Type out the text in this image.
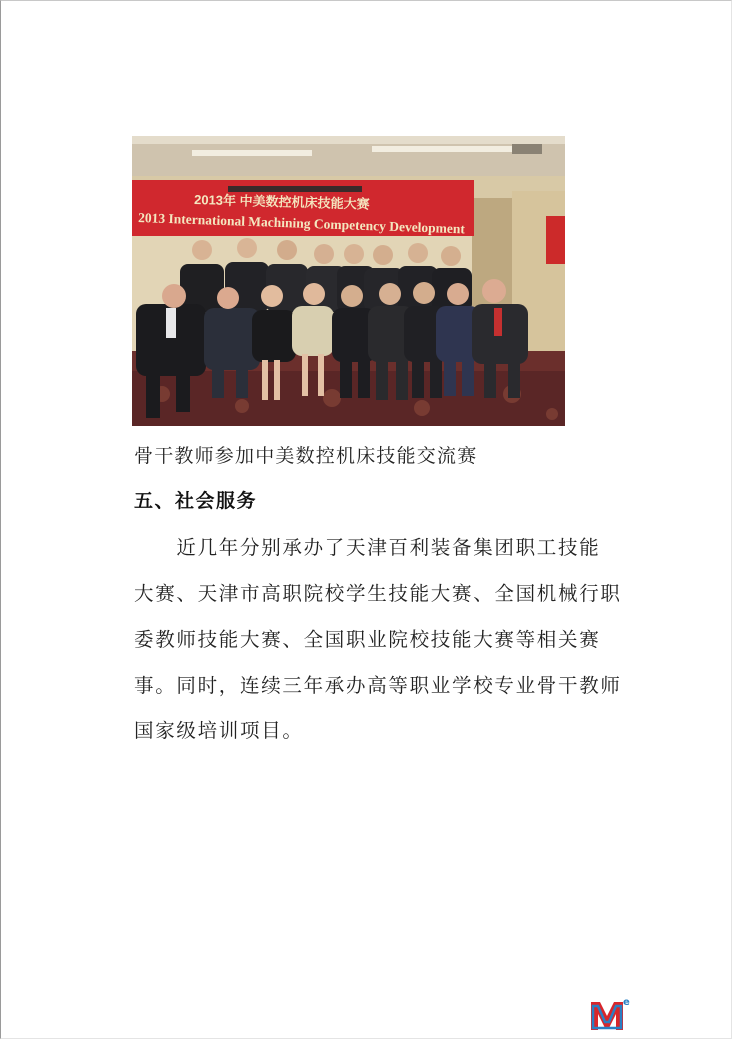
2013年 中美数控机床技能大赛
2013 International Machining Competency Development
骨干教师参加中美数控机床技能交流赛
五、社会服务
　　近几年分别承办了天津百利装备集团职工技能
大赛、天津市高职院校学生技能大赛、全国机械行职
委教师技能大赛、全国职业院校技能大赛等相关赛
事。同时，连续三年承办高等职业学校专业骨干教师
国家级培训项目。
e
